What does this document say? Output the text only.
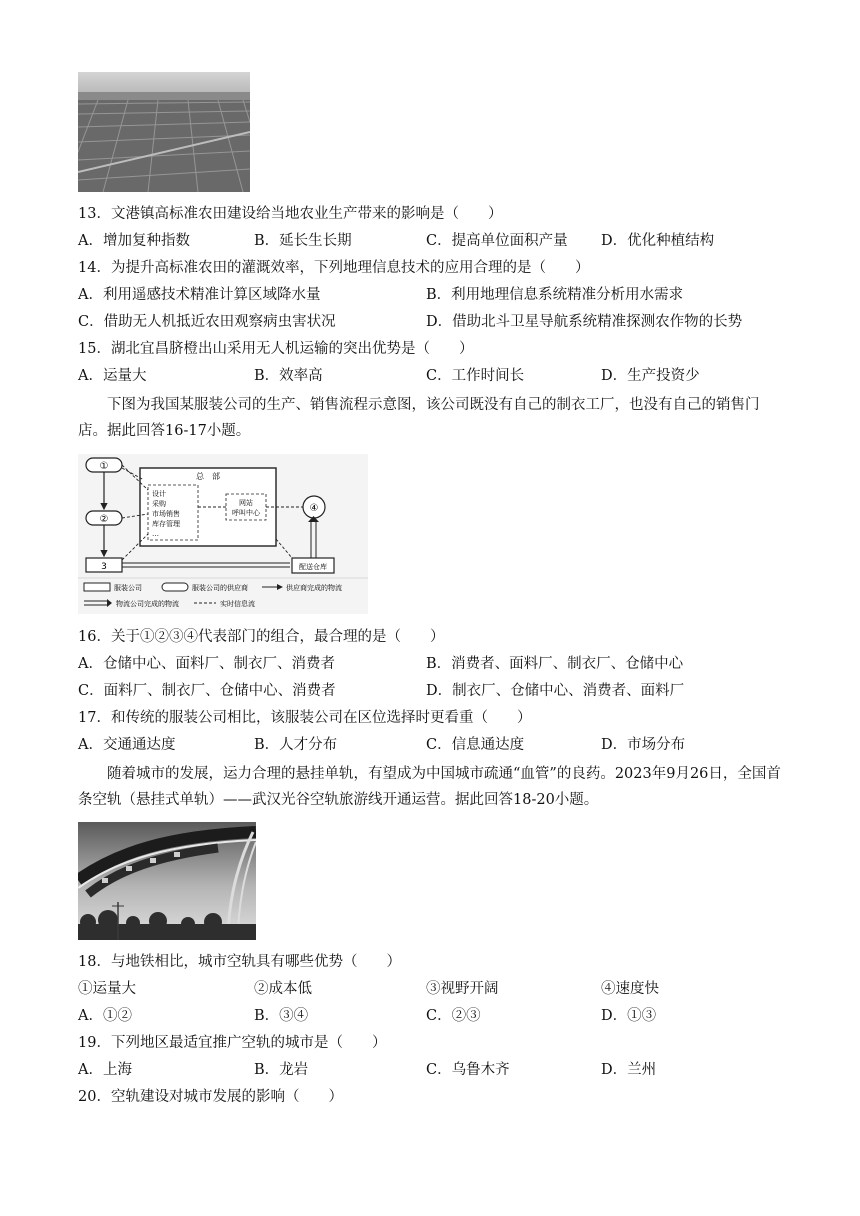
13．文港镇高标准农田建设给当地农业生产带来的影响是（　　）
A．增加复种指数	B．延长生长期	C．提高单位面积产量 D．优化种植结构
14．为提升高标准农田的灌溉效率，下列地理信息技术的应用合理的是（　　）
A．利用遥感技术精准计算区域降水量	B．利用地理信息系统精准分析用水需求
C．借助无人机抵近农田观察病虫害状况	D．借助北斗卫星导航系统精准探测农作物的长势
15．湖北宜昌脐橙出山采用无人机运输的突出优势是（　　）
A．运量大	B．效率高	C．工作时间长	D．生产投资少
下图为我国某服装公司的生产、销售流程示意图，该公司既没有自己的制衣工厂，也没有自己的销售门店。据此回答16-17小题。
①
②
3
总　部
设计
采购
市场销售
库存管理
…
网站
呼叫中心	④
配送仓库
服装公司	服装公司的供应商	供应商完成的物流
物流公司完成的物流	实时信息流
16．关于①②③④代表部门的组合，最合理的是（　　）
A．仓储中心、面料厂、制衣厂、消费者	B．消费者、面料厂、制衣厂、仓储中心
C．面料厂、制衣厂、仓储中心、消费者	D．制衣厂、仓储中心、消费者、面料厂
17．和传统的服装公司相比，该服装公司在区位选择时更看重（　　）
A．交通通达度	B．人才分布	C．信息通达度	D．市场分布
随着城市的发展，运力合理的悬挂单轨，有望成为中国城市疏通“血管”的良药。2023年9月26日，全国首条空轨（悬挂式单轨）——武汉光谷空轨旅游线开通运营。据此回答18-20小题。
18．与地铁相比，城市空轨具有哪些优势（　　）
①运量大	②成本低	③视野开阔	④速度快
A．①②	B．③④	C．②③	D．①③
19．下列地区最适宜推广空轨的城市是（　　）
A．上海	B．龙岩	C．乌鲁木齐	D．兰州
20．空轨建设对城市发展的影响（　　）
